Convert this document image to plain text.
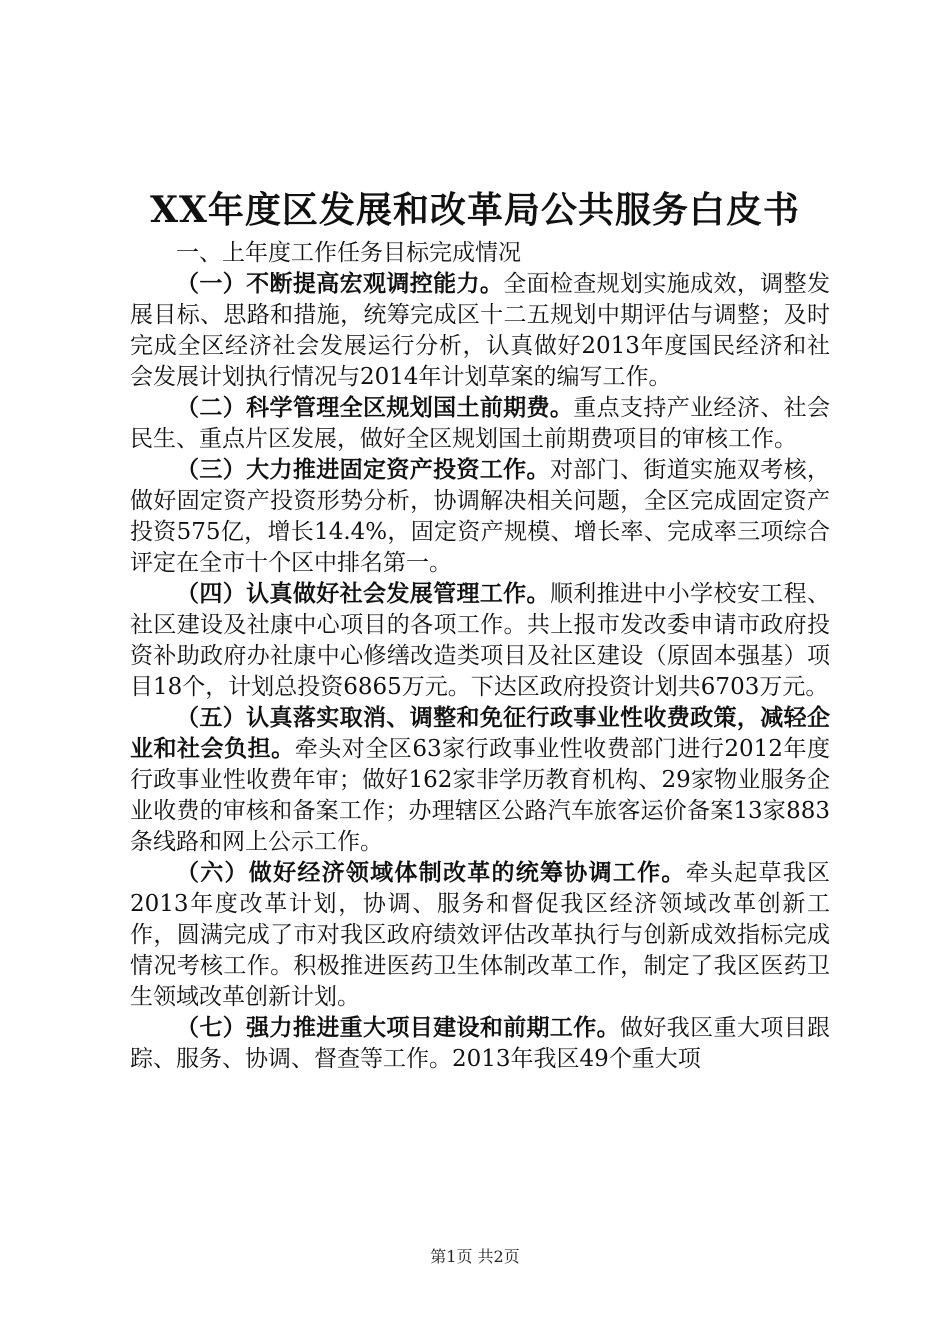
XX年度区发展和改革局公共服务白皮书

一、上年度工作任务目标完成情况

（一）不断提高宏观调控能力。全面检查规划实施成效，调整发展目标、思路和措施，统筹完成区十二五规划中期评估与调整；及时完成全区经济社会发展运行分析，认真做好2013年度国民经济和社会发展计划执行情况与2014年计划草案的编写工作。

（二）科学管理全区规划国土前期费。重点支持产业经济、社会民生、重点片区发展，做好全区规划国土前期费项目的审核工作。

（三）大力推进固定资产投资工作。对部门、街道实施双考核，做好固定资产投资形势分析，协调解决相关问题，全区完成固定资产投资575亿，增长14.4%，固定资产规模、增长率、完成率三项综合评定在全市十个区中排名第一。

（四）认真做好社会发展管理工作。顺利推进中小学校安工程、社区建设及社康中心项目的各项工作。共上报市发改委申请市政府投资补助政府办社康中心修缮改造类项目及社区建设（原固本强基）项目18个，计划总投资6865万元。下达区政府投资计划共6703万元。

（五）认真落实取消、调整和免征行政事业性收费政策，减轻企业和社会负担。牵头对全区63家行政事业性收费部门进行2012年度行政事业性收费年审；做好162家非学历教育机构、29家物业服务企业收费的审核和备案工作；办理辖区公路汽车旅客运价备案13家883条线路和网上公示工作。

（六）做好经济领域体制改革的统筹协调工作。牵头起草我区2013年度改革计划，协调、服务和督促我区经济领域改革创新工作，圆满完成了市对我区政府绩效评估改革执行与创新成效指标完成情况考核工作。积极推进医药卫生体制改革工作，制定了我区医药卫生领域改革创新计划。

（七）强力推进重大项目建设和前期工作。做好我区重大项目跟踪、服务、协调、督查等工作。2013年我区49个重大项

第1页 共2页
